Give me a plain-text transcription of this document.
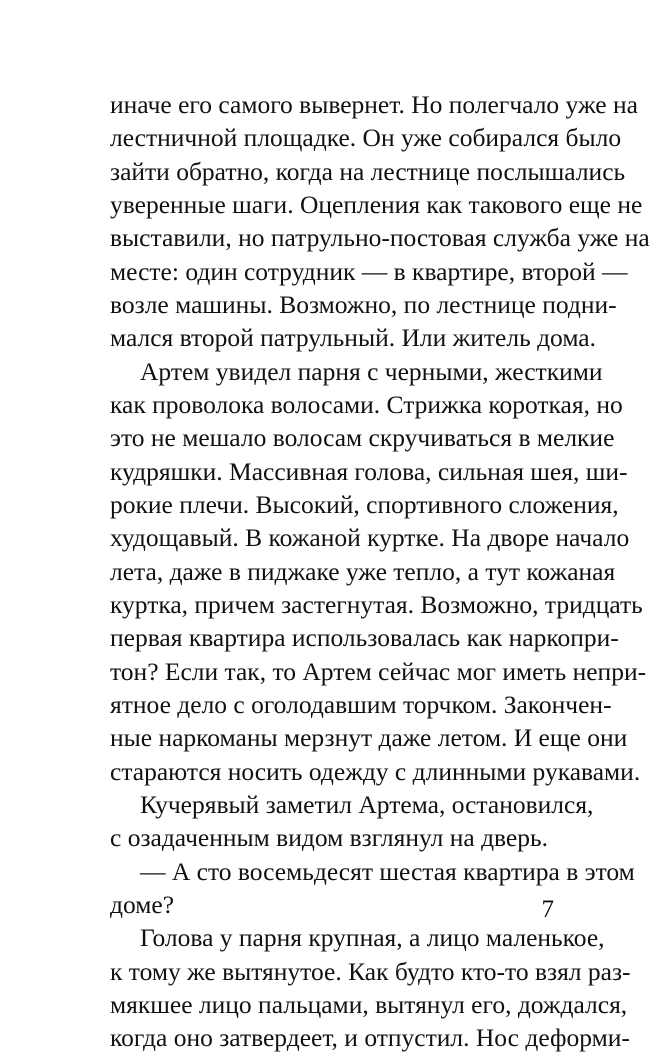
иначе его самого вывернет. Но полегчало уже на
лестничной площадке. Он уже собирался было
зайти обратно, когда на лестнице послышались
уверенные шаги. Оцепления как такового еще не
выставили, но патрульно-постовая служба уже на
месте: один сотрудник — в квартире, второй —
возле машины. Возможно, по лестнице подни-
мался второй патрульный. Или житель дома.
Артем увидел парня с черными, жесткими
как проволока волосами. Стрижка короткая, но
это не мешало волосам скручиваться в мелкие
кудряшки. Массивная голова, сильная шея, ши-
рокие плечи. Высокий, спортивного сложения,
худощавый. В кожаной куртке. На дворе начало
лета, даже в пиджаке уже тепло, а тут кожаная
куртка, причем застегнутая. Возможно, тридцать
первая квартира использовалась как наркопри-
тон? Если так, то Артем сейчас мог иметь непри-
ятное дело с оголодавшим торчком. Закончен-
ные наркоманы мерзнут даже летом. И еще они
стараются носить одежду с длинными рукавами.
Кучерявый заметил Артема, остановился,
с озадаченным видом взглянул на дверь.
— А сто восемьдесят шестая квартира в этом
доме?
Голова у парня крупная, а лицо маленькое,
к тому же вытянутое. Как будто кто-то взял раз-
мякшее лицо пальцами, вытянул его, дождался,
когда оно затвердеет, и отпустил. Нос деформи-
7
